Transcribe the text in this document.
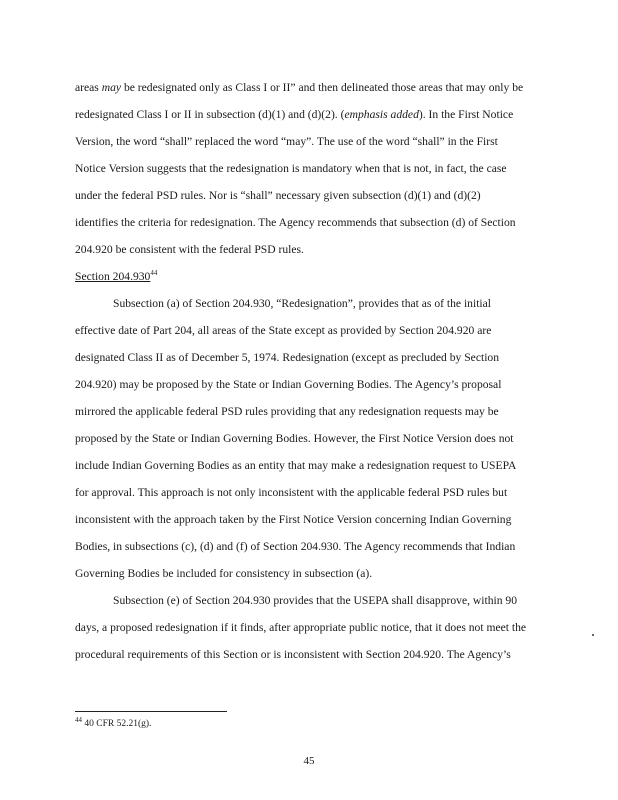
areas may be redesignated only as Class I or II” and then delineated those areas that may only be
redesignated Class I or II in subsection (d)(1) and (d)(2). (emphasis added). In the First Notice
Version, the word “shall” replaced the word “may”. The use of the word “shall” in the First
Notice Version suggests that the redesignation is mandatory when that is not, in fact, the case
under the federal PSD rules. Nor is “shall” necessary given subsection (d)(1) and (d)(2)
identifies the criteria for redesignation. The Agency recommends that subsection (d) of Section
204.920 be consistent with the federal PSD rules.
Section 204.930$^{44}$
Subsection (a) of Section 204.930, “Redesignation”, provides that as of the initial
effective date of Part 204, all areas of the State except as provided by Section 204.920 are
designated Class II as of December 5, 1974. Redesignation (except as precluded by Section
204.920) may be proposed by the State or Indian Governing Bodies. The Agency’s proposal
mirrored the applicable federal PSD rules providing that any redesignation requests may be
proposed by the State or Indian Governing Bodies. However, the First Notice Version does not
include Indian Governing Bodies as an entity that may make a redesignation request to USEPA
for approval. This approach is not only inconsistent with the applicable federal PSD rules but
inconsistent with the approach taken by the First Notice Version concerning Indian Governing
Bodies, in subsections (c), (d) and (f) of Section 204.930. The Agency recommends that Indian
Governing Bodies be included for consistency in subsection (a).
Subsection (e) of Section 204.930 provides that the USEPA shall disapprove, within 90
days, a proposed redesignation if it finds, after appropriate public notice, that it does not meet the
procedural requirements of this Section or is inconsistent with Section 204.920. The Agency’s
$^{44}$ 40 CFR 52.21(g).
45
